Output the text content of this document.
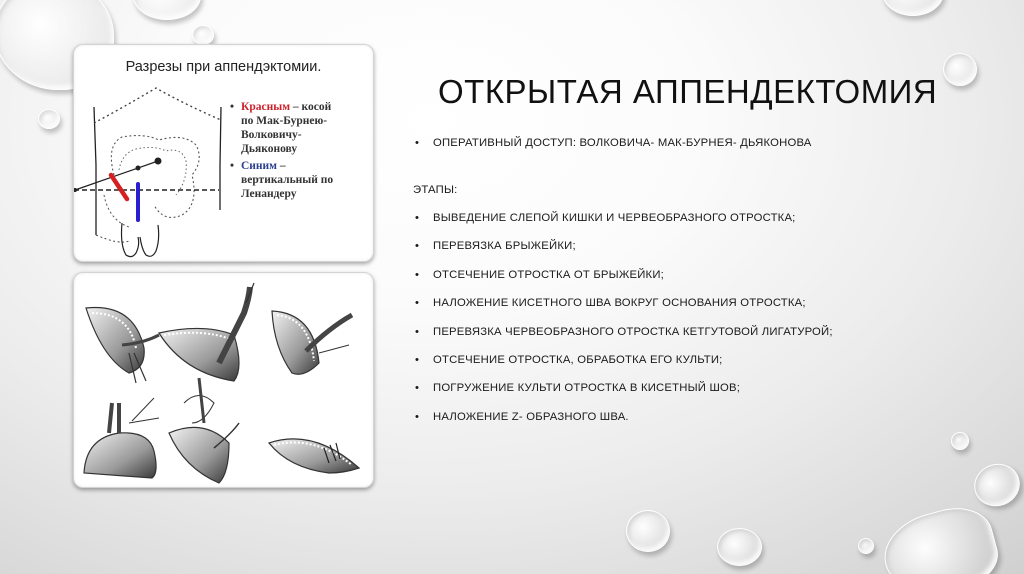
Разрезы при аппендэктомии.
• Красным – косой
по Мак-Бурнею-
Волковичу-
Дьяконову
• Синим –
вертикальный по
Ленандеру
ОТКРЫТАЯ АППЕНДЕКТОМИЯ
• ОПЕРАТИВНЫЙ ДОСТУП: ВОЛКОВИЧА- МАК-БУРНЕЯ- ДЬЯКОНОВА
ЭТАПЫ:
• ВЫВЕДЕНИЕ СЛЕПОЙ КИШКИ И ЧЕРВЕОБРАЗНОГО ОТРОСТКА;
• ПЕРЕВЯЗКА БРЫЖЕЙКИ;
• ОТСЕЧЕНИЕ ОТРОСТКА ОТ БРЫЖЕЙКИ;
• НАЛОЖЕНИЕ КИСЕТНОГО ШВА ВОКРУГ ОСНОВАНИЯ ОТРОСТКА;
• ПЕРЕВЯЗКА ЧЕРВЕОБРАЗНОГО ОТРОСТКА КЕТГУТОВОЙ ЛИГАТУРОЙ;
• ОТСЕЧЕНИЕ ОТРОСТКА, ОБРАБОТКА ЕГО КУЛЬТИ;
• ПОГРУЖЕНИЕ КУЛЬТИ ОТРОСТКА В КИСЕТНЫЙ ШОВ;
• НАЛОЖЕНИЕ Z- ОБРАЗНОГО ШВА.
